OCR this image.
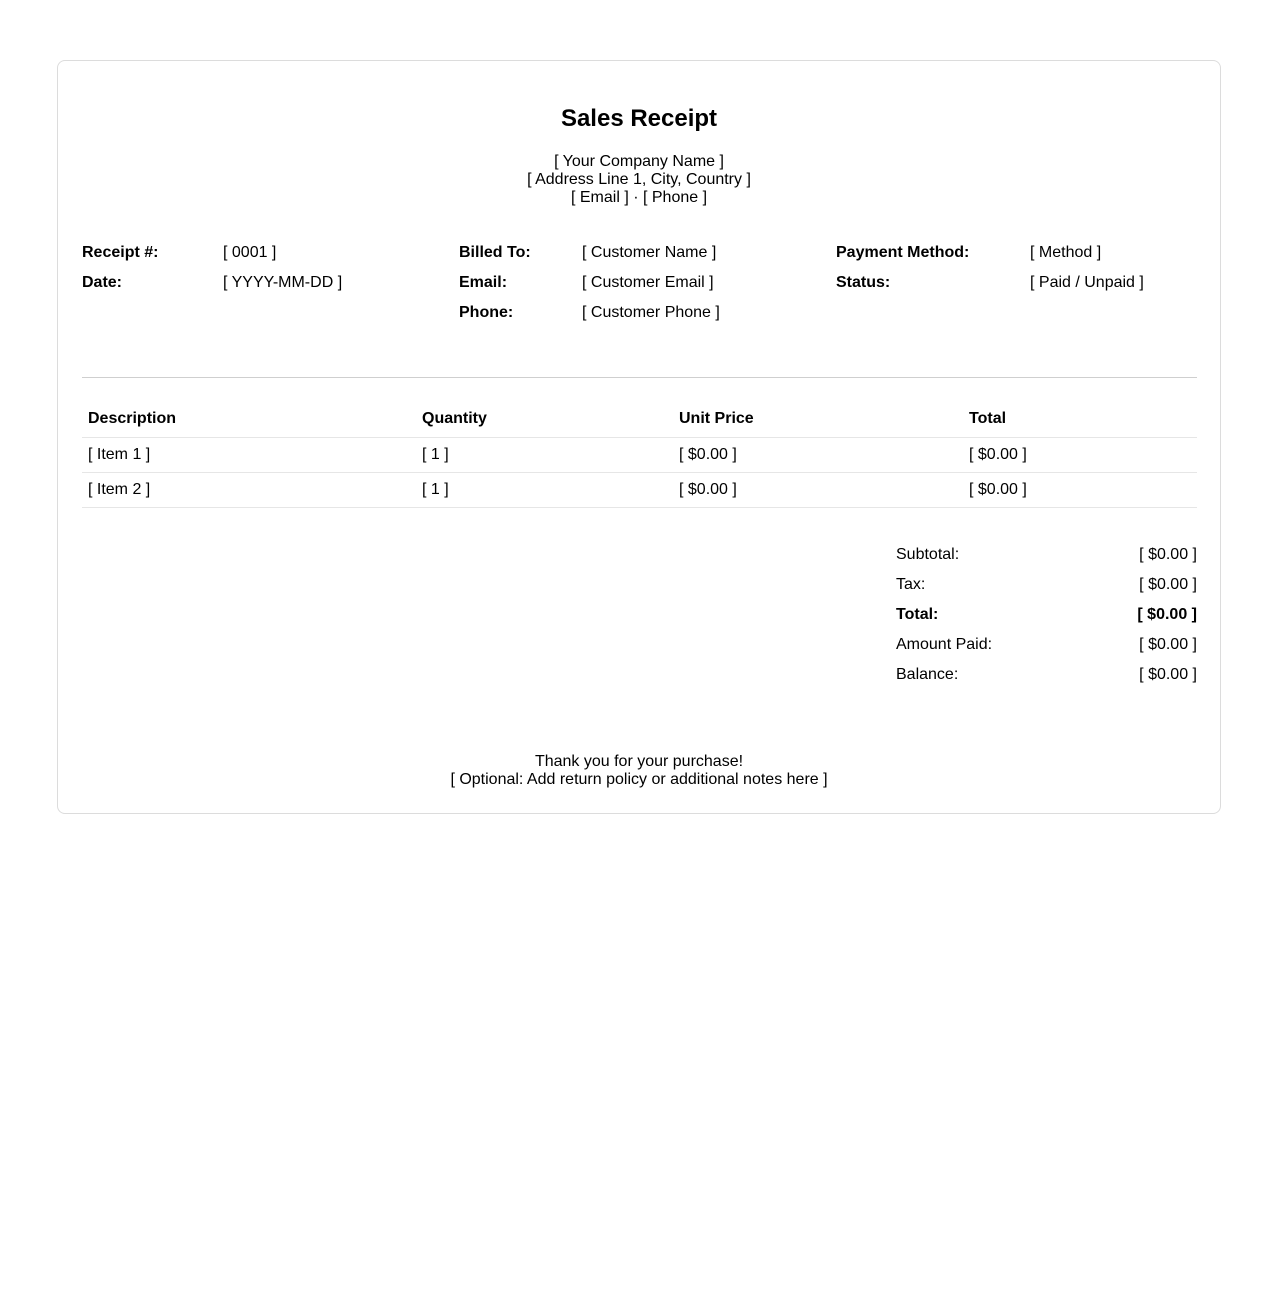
Sales Receipt
[ Your Company Name ]
[ Address Line 1, City, Country ]
[ Email ] · [ Phone ]
Receipt #:	[ 0001 ]
Date:	[ YYYY-MM-DD ]
Billed To:	[ Customer Name ]
Email:	[ Customer Email ]
Phone:	[ Customer Phone ]
Payment Method:	[ Method ]
Status:	[ Paid / Unpaid ]
Description	Quantity	Unit Price	Total
[ Item 1 ]	[ 1 ]	[ $0.00 ]	[ $0.00 ]
[ Item 2 ]	[ 1 ]	[ $0.00 ]	[ $0.00 ]
Subtotal:	[ $0.00 ]
Tax:	[ $0.00 ]
Total:	[ $0.00 ]
Amount Paid:	[ $0.00 ]
Balance:	[ $0.00 ]
Thank you for your purchase!
[ Optional: Add return policy or additional notes here ]
